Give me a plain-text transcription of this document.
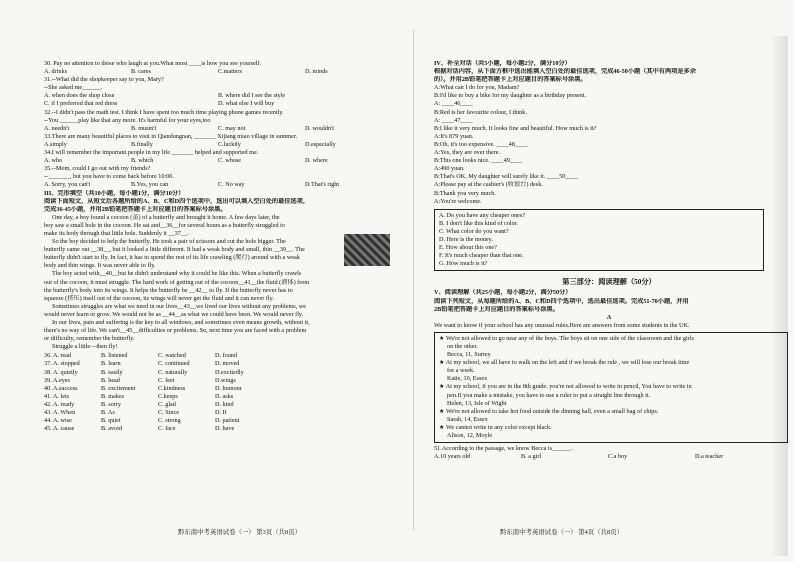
30. Pay no attention to those who laugh at you.What most ____is how you see yourself.
A. drinks	B. cares	C.matters	D. minds
31.--What did the shopkeeper say to you, Mary?
--She asked me______.
A. when does the shop close	B. where did I see the style
C. if I preferred that red dress	D. what else I will buy
32.--I didn't pass the math test. I think I have spent too much time playing phone games recently.
--You ______play like that any more. It's harmful for your eyes,too
A. needn't	B. mustn't	C. may not	D. wouldn't
33.There are many beautiful places to visit in Qiandongnan, _______ Xijiang miao village in summer.
A.simply	B.finally	C.luckily	D.especially
34.I will remember the important people in my life _______ helped and supported me.
A. who	B. which	C. whose	D. where
35.--Mom, could I go out with my friends?
--_______, but you have to come back before 10:00.
A. Sorry, you can't	B.Yes, you can	C. No way	D.That's right
III、完形填空（共10小题，每小题1分，满分10分）
阅读下面短文，从短文后各题所给的A、B、C和D四个选项中，选出可以填入空白处的最佳选项，
完成36-45小题，并用2B铅笔把答题卡上对应题目的答案标号涂黑。
One day, a boy found a cocoon (茧) of a butterfly and brought it home. A few days later, the
boy saw a small hole in the cocoon. He sat and__36__for several hours as a butterfly struggled to
make its body through that little hole. Suddenly it __37__.
So the boy decided to help the butterfly. He took a pair of scissors and cut the hole bigger. The
butterfly came out __38__, but it looked a little different. It had a weak body and small, thin __39__. The
butterfly didn't start to fly. In fact, it has to spend the rest of its life crawling (爬行) around with a weak
body and thin wings. It was never able to fly.
The boy acted with__40__but he didn't understand why it could be like this. When a butterfly crawls
out of the cocoon, it must struggle. The hard work of getting out of the cocoon__41__the fluid (液体) from
the butterfly's body into its wings. It helps the butterfly be __42__ to fly. If the butterfly never has to
squeeze (挤压) itself out of the cocoon, its wings will never get the fluid and it can never fly.
Sometimes struggles are what we need in our lives__43__we lived our lives without any problems, we
would never learn or grow. We would not be as __44__as what we could have been. We would never fly.
In our lives, pain and suffering is the key to all windows, and sometimes even means growth, without it,
there's no way of life. We can't__45__difficulties or problems. So, next time you are faced with a problem
or difficulty, remember the butterfly.
Struggle a little—then fly!
36. A. read	B. listened	C. watched	D. found
37. A. stopped	B. learn	C. continued	D. moved
38. A. quietly	B. easily	C. naturally	D.excitedly
39. A.eyes	B. head	C. feet	D.wings
40. A.success	B. excitement	C.kindness	D. humour
41. A. lets	B. makes	C.keeps	D. asks
42. A. ready	B. sorry	C. glad	D. kind
43. A. When	B. As	C. Since	D. If
44. A. wise	B. quiet	C. strong	D. patient
45. A. cause	B. avoid	C. face	D. have
黔东南中考英语试卷（一） 第3页（共8页）
IV、补全对话（共5小题，每小题2分，满分10分）
根据对话内容，从下面方框中选出能填入空白处的最佳选项，完成46-50小题（其中有两项是多余
的）。并用2B铅笔把答题卡上对应题目的答案标号涂黑。
A:What can I do for you, Madam?
B:I'd like to buy a bike for my daughter as a birthday present.
A: ____46____
B:Red is her favourite colour, I think.
A: ____47____
B:I like it very much. It looks fine and beautiful. How much is it?
A:It's 879 yuan.
B:Oh, it's too expensive. ____48____
A:Yes, they are over there.
B:This one looks nice. ____49____
A:490 yuan.
B:That's OK. My daughter will surely like it. ____50____
A:Please pay at the cashier's (收银台) desk.
B:Thank you very much.
A:You're welcome.
A. Do you have any cheaper ones?
B. I don't like this kind of color.
C. What color do you want?
D. Here is the money.
E. How about this one?
F. It's much cheaper than that one.
G. How much is it?
第三部分：阅读理解（50分）
V、阅读理解（共25小题，每小题2分，满分50分）
阅读下列短文，从每题所给的A、B、C和D四个选项中，选出最佳选项。完成51-70小题，并用
2B铅笔把答题卡上对应题目的答案标号涂黑。
A
We want to know if your school has any unusual rules.Here are answers from some students in the UK.
★ We're not allowed to go near any of the boys. The boys sit on one side of the classroom and the girls
on the other.
Becca, 11, Surrey
★ At my school, we all have to walk on the left and if we break the rule , we will lose our break time
for a week.
Katie, 10, Essex
★ At my school, if you are in the 8th grade. you're not allowed to write in pencil, You have to write in
pen.If you make a mistake, you have to use a ruler to put a straight line through it.
Helen, 13, Isle of Wight
★ We're not allowed to take hot food outside the dinning hall, even a small bag of chips.
Sarah, 14, Essex
★ We cannot write in any color except black.
Alison, 12, Moyle
51.According to the passage, we know Becca is______.
A.10 years old	B. a girl	C.a boy	D.a teacher
黔东南中考英语试卷（一） 第4页（共8页）
